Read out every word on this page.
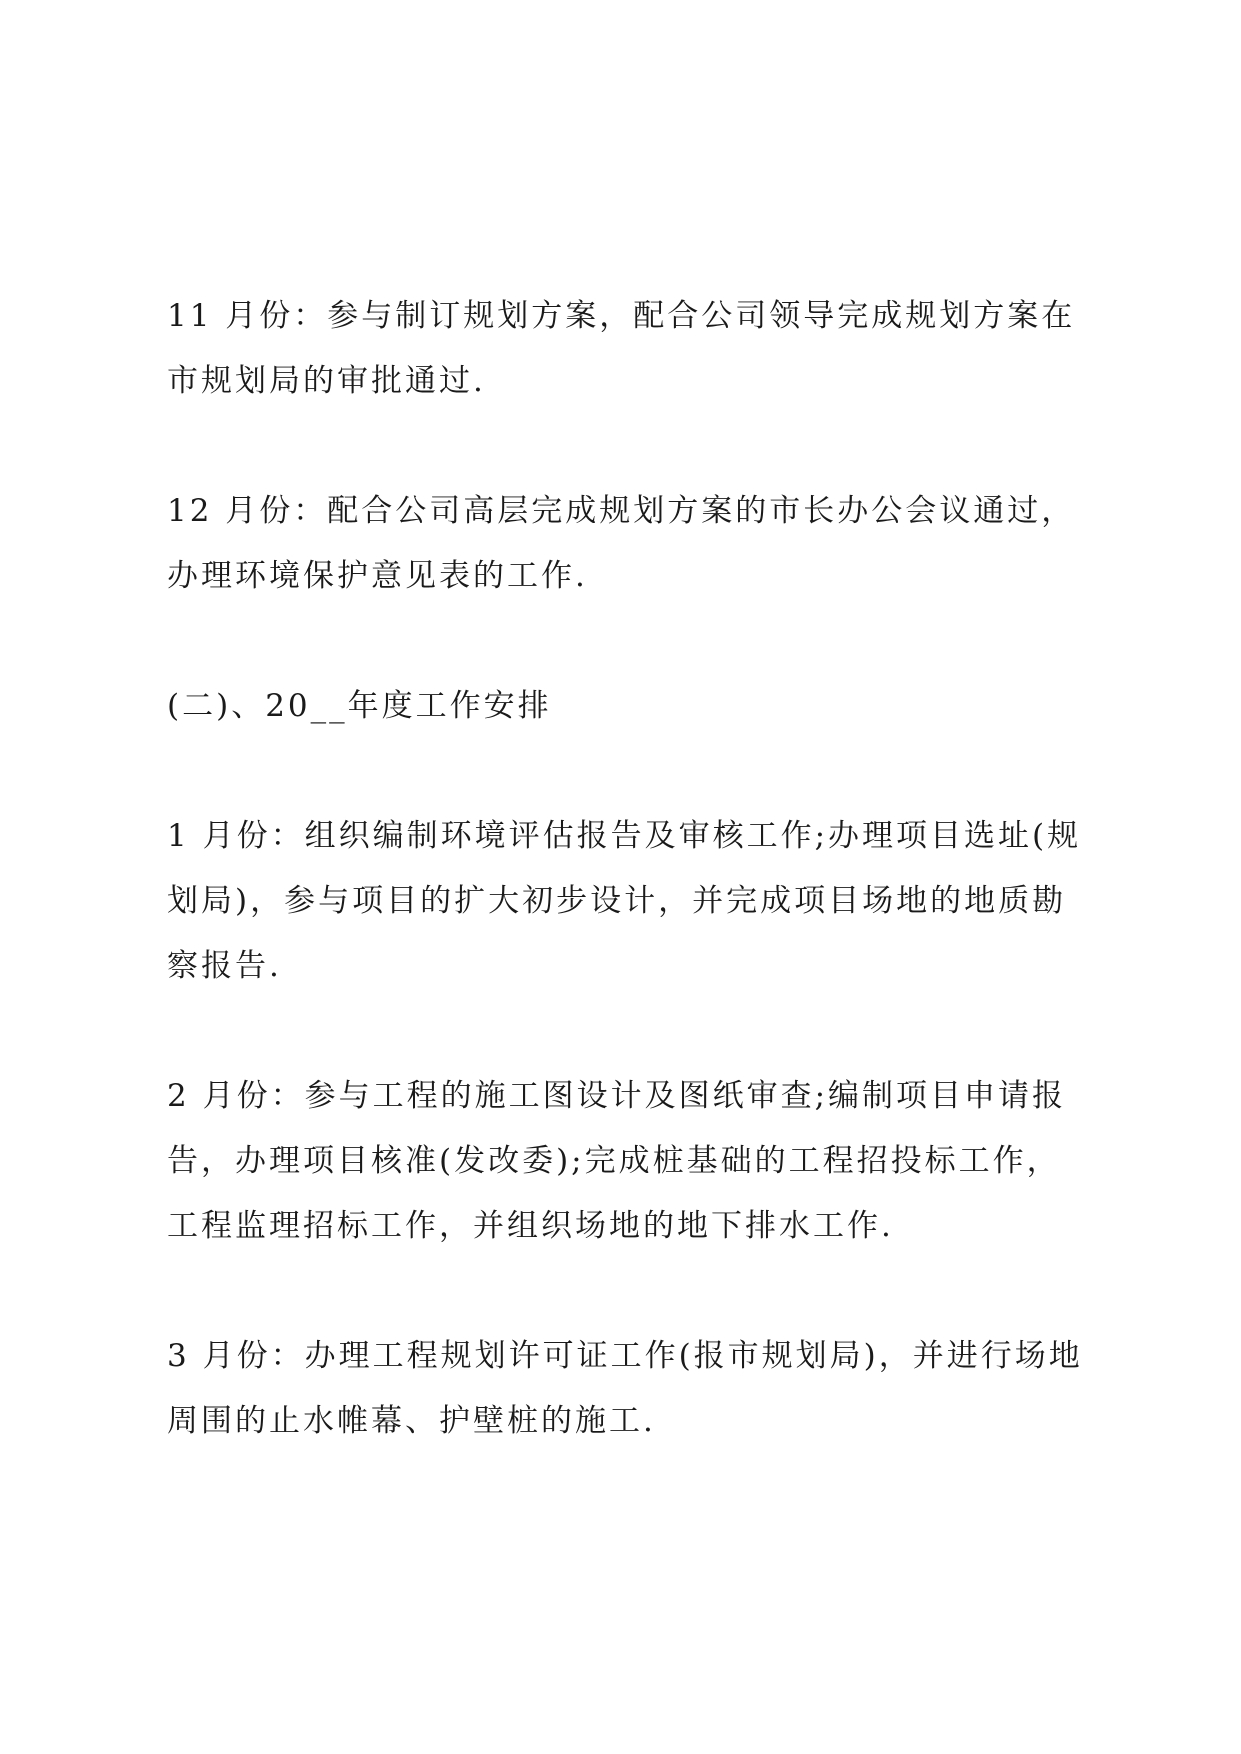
11 月份：参与制订规划方案，配合公司领导完成规划方案在市规划局的审批通过.

12 月份：配合公司高层完成规划方案的市长办公会议通过，办理环境保护意见表的工作.

(二)、20__年度工作安排

1 月份：组织编制环境评估报告及审核工作;办理项目选址(规划局)，参与项目的扩大初步设计，并完成项目场地的地质勘察报告.

2 月份：参与工程的施工图设计及图纸审查;编制项目申请报告，办理项目核准(发改委);完成桩基础的工程招投标工作，工程监理招标工作，并组织场地的地下排水工作.

3 月份：办理工程规划许可证工作(报市规划局)，并进行场地周围的止水帷幕、护壁桩的施工.
